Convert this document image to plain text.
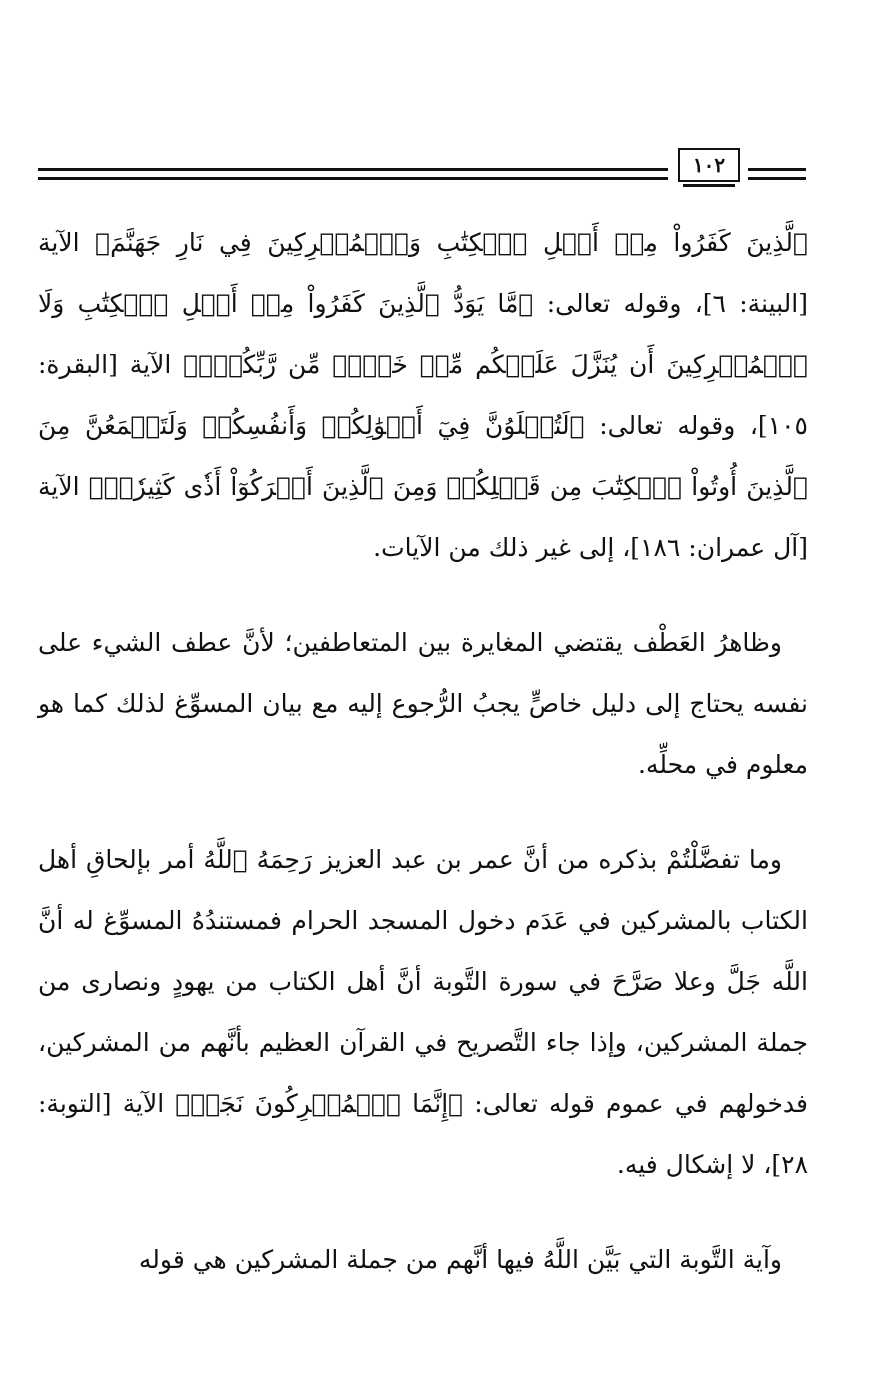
١٠٢

ٱلَّذِينَ كَفَرُواْ مِنۡ أَهۡلِ ٱلۡكِتَٰبِ وَٱلۡمُشۡرِكِينَ فِي نَارِ جَهَنَّمَ﴾ الآية [البينة: ٦]، وقوله تعالى: ﴿مَّا يَوَدُّ ٱلَّذِينَ كَفَرُواْ مِنۡ أَهۡلِ ٱلۡكِتَٰبِ وَلَا ٱلۡمُشۡرِكِينَ أَن يُنَزَّلَ عَلَيۡكُم مِّنۡ خَيۡرٖ مِّن رَّبِّكُمۡۚ﴾ الآية [البقرة: ١٠٥]، وقوله تعالى: ﴿لَتُبۡلَوُنَّ فِيٓ أَمۡوَٰلِكُمۡ وَأَنفُسِكُمۡ وَلَتَسۡمَعُنَّ مِنَ ٱلَّذِينَ أُوتُواْ ٱلۡكِتَٰبَ مِن قَبۡلِكُمۡ وَمِنَ ٱلَّذِينَ أَشۡرَكُوٓاْ أَذٗى كَثِيرٗاۚ﴾ الآية [آل عمران: ١٨٦]، إلى غير ذلك من الآيات.

وظاهرُ العَطْف يقتضي المغايرة بين المتعاطفين؛ لأنَّ عطف الشيء على نفسه يحتاج إلى دليل خاصٍّ يجبُ الرُّجوع إليه مع بيان المسوِّغ لذلك كما هو معلوم في محلِّه.

وما تفضَّلْتُمْ بذكره من أنَّ عمر بن عبد العزيز رَحِمَهُ ٱللَّهُ أمر بإلحاقِ أهل الكتاب بالمشركين في عَدَم دخول المسجد الحرام فمستندُهُ المسوِّغ له أنَّ اللَّه جَلَّ وعلا صَرَّحَ في سورة التَّوبة أنَّ أهل الكتاب من يهودٍ ونصارى من جملة المشركين، وإذا جاء التَّصريح في القرآن العظيم بأنَّهم من المشركين، فدخولهم في عموم قوله تعالى: ﴿إِنَّمَا ٱلۡمُشۡرِكُونَ نَجَسٞ﴾ الآية [التوبة: ٢٨]، لا إشكال فيه.

وآية التَّوبة التي بَيَّن اللَّهُ فيها أنَّهم من جملة المشركين هي قوله
